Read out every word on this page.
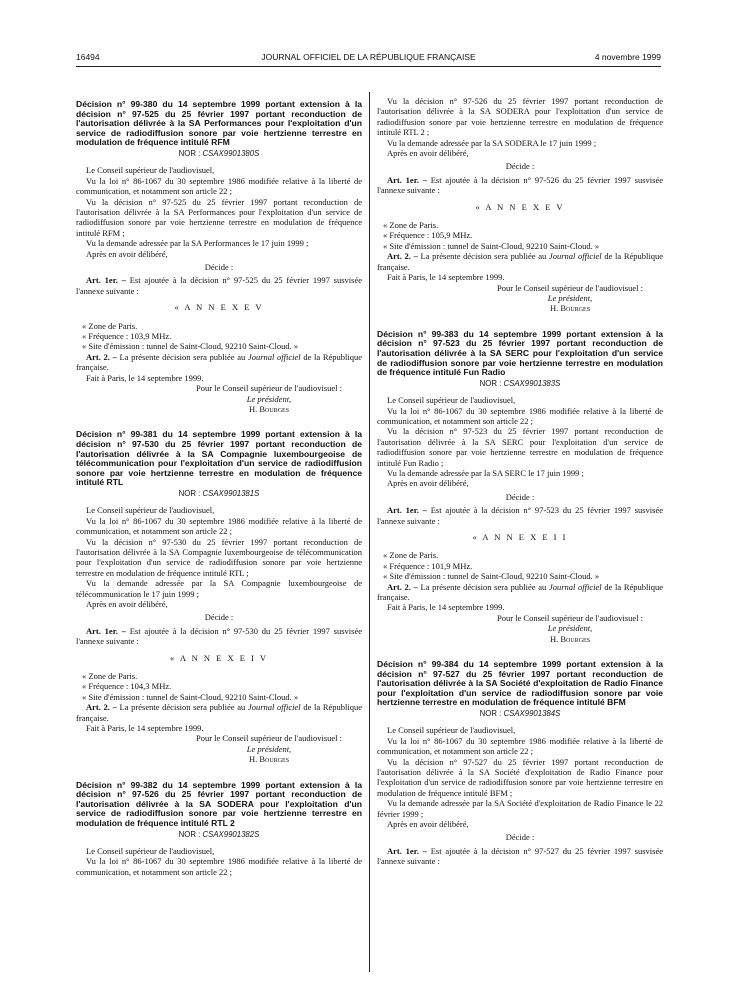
16494	JOURNAL OFFICIEL DE LA RÉPUBLIQUE FRANÇAISE	4 novembre 1999
Décision n° 99-380 du 14 septembre 1999 portant extension à la décision n° 97-525 du 25 février 1997 portant reconduction de l'autorisation délivrée à la SA Performances pour l'exploitation d'un service de radiodiffusion sonore par voie hertzienne terrestre en modulation de fréquence intitulé RFM
NOR : CSAX9901380S
Le Conseil supérieur de l'audiovisuel,
Vu la loi n° 86-1067 du 30 septembre 1986 modifiée relative à la liberté de communication, et notamment son article 22 ;
Vu la décision n° 97-525 du 25 février 1997 portant reconduction de l'autorisation délivrée à la SA Performances pour l'exploitation d'un service de radiodiffusion sonore par voie hertzienne terrestre en modulation de fréquence intitulé RFM ;
Vu la demande adressée par la SA Performances le 17 juin 1999 ;
Après en avoir délibéré,
Décide :
Art. 1er. – Est ajoutée à la décision n° 97-525 du 25 février 1997 susvisée l'annexe suivante :
« A N N E X E V
« Zone de Paris.
« Fréquence : 103,9 MHz.
« Site d'émission : tunnel de Saint-Cloud, 92210 Saint-Cloud. »
Art. 2. – La présente décision sera publiée au Journal officiel de la République française.
Fait à Paris, le 14 septembre 1999.
Pour le Conseil supérieur de l'audiovisuel :
Le président,
H. Bourges
Décision n° 99-381 du 14 septembre 1999 portant extension à la décision n° 97-530 du 25 février 1997 portant reconduction de l'autorisation délivrée à la SA Compagnie luxembourgeoise de télécommunication pour l'exploitation d'un service de radiodiffusion sonore par voie hertzienne terrestre en modulation de fréquence intitulé RTL
NOR : CSAX9901381S
Le Conseil supérieur de l'audiovisuel,
Vu la loi n° 86-1067 du 30 septembre 1986 modifiée relative à la liberté de communication, et notamment son article 22 ;
Vu la décision n° 97-530 du 25 février 1997 portant reconduction de l'autorisation délivrée à la SA Compagnie luxembourgeoise de télécommunication pour l'exploitation d'un service de radiodiffusion sonore par voie hertzienne terrestre en modulation de fréquence intitulé RTL ;
Vu la demande adressée par la SA Compagnie luxembourgeoise de télécommunication le 17 juin 1999 ;
Après en avoir délibéré,
Décide :
Art. 1er. – Est ajoutée à la décision n° 97-530 du 25 février 1997 susvisée l'annexe suivante :
« A N N E X E I V
« Zone de Paris.
« Fréquence : 104,3 MHz.
« Site d'émission : tunnel de Saint-Cloud, 92210 Saint-Cloud. »
Art. 2. – La présente décision sera publiée au Journal officiel de la République française.
Fait à Paris, le 14 septembre 1999.
Pour le Conseil supérieur de l'audiovisuel :
Le président,
H. Bourges
Décision n° 99-382 du 14 septembre 1999 portant extension à la décision n° 97-526 du 25 février 1997 portant reconduction de l'autorisation délivrée à la SA SODERA pour l'exploitation d'un service de radiodiffusion sonore par voie hertzienne terrestre en modulation de fréquence intitulé RTL 2
NOR : CSAX9901382S
Le Conseil supérieur de l'audiovisuel,
Vu la loi n° 86-1067 du 30 septembre 1986 modifiée relative à la liberté de communication, et notamment son article 22 ;
Vu la décision n° 97-526 du 25 février 1997 portant reconduction de l'autorisation délivrée à la SA SODERA pour l'exploitation d'un service de radiodiffusion sonore par voie hertzienne terrestre en modulation de fréquence intitulé RTL 2 ;
Vu la demande adressée par la SA SODERA le 17 juin 1999 ;
Après en avoir délibéré,
Décide :
Art. 1er. – Est ajoutée à la décision n° 97-526 du 25 février 1997 susvisée l'annexe suivante :
« A N N E X E V
« Zone de Paris.
« Fréquence : 105,9 MHz.
« Site d'émission : tunnel de Saint-Cloud, 92210 Saint-Cloud. »
Art. 2. – La présente décision sera publiée au Journal officiel de la République française.
Fait à Paris, le 14 septembre 1999.
Pour le Conseil supérieur de l'audiovisuel :
Le président,
H. Bourges
Décision n° 99-383 du 14 septembre 1999 portant extension à la décision n° 97-523 du 25 février 1997 portant reconduction de l'autorisation délivrée à la SA SERC pour l'exploitation d'un service de radiodiffusion sonore par voie hertzienne terrestre en modulation de fréquence intitulé Fun Radio
NOR : CSAX9901383S
Le Conseil supérieur de l'audiovisuel,
Vu la loi n° 86-1067 du 30 septembre 1986 modifiée relative à la liberté de communication, et notamment son article 22 ;
Vu la décision n° 97-523 du 25 février 1997 portant reconduction de l'autorisation délivrée à la SA SERC pour l'exploitation d'un service de radiodiffusion sonore par voie hertzienne terrestre en modulation de fréquence intitulé Fun Radio ;
Vu la demande adressée par la SA SERC le 17 juin 1999 ;
Après en avoir délibéré,
Décide :
Art. 1er. – Est ajoutée à la décision n° 97-523 du 25 février 1997 susvisée l'annexe suivante :
« A N N E X E I I
« Zone de Paris.
« Fréquence : 101,9 MHz.
« Site d'émission : tunnel de Saint-Cloud, 92210 Saint-Cloud. »
Art. 2. – La présente décision sera publiée au Journal officiel de la République française.
Fait à Paris, le 14 septembre 1999.
Pour le Conseil supérieur de l'audiovisuel :
Le président,
H. Bourges
Décision n° 99-384 du 14 septembre 1999 portant extension à la décision n° 97-527 du 25 février 1997 portant reconduction de l'autorisation délivrée à la SA Société d'exploitation de Radio Finance pour l'exploitation d'un service de radiodiffusion sonore par voie hertzienne terrestre en modulation de fréquence intitulé BFM
NOR : CSAX9901384S
Le Conseil supérieur de l'audiovisuel,
Vu la loi n° 86-1067 du 30 septembre 1986 modifiée relative à la liberté de communication, et notamment son article 22 ;
Vu la décision n° 97-527 du 25 février 1997 portant reconduction de l'autorisation délivrée à la SA Société d'exploitation de Radio Finance pour l'exploitation d'un service de radiodiffusion sonore par voie hertzienne terrestre en modulation de fréquence intitulé BFM ;
Vu la demande adressée par la SA Société d'exploitation de Radio Finance le 22 février 1999 ;
Après en avoir délibéré,
Décide :
Art. 1er. – Est ajoutée à la décision n° 97-527 du 25 février 1997 susvisée l'annexe suivante :
